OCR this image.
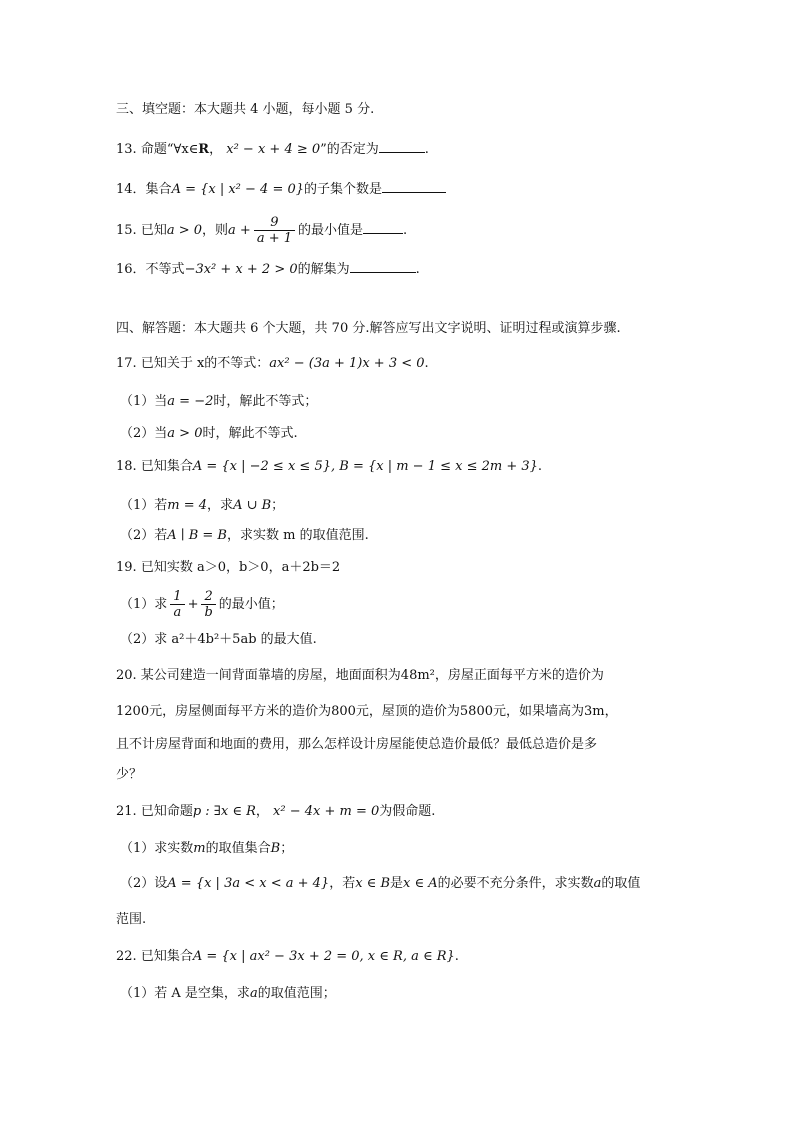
三、填空题：本大题共 4 小题，每小题 5 分.
13. 命题“∀x∈R， x² − x + 4 ≥ 0”的否定为	.
14．集合A = {x | x² − 4 = 0}的子集个数是
15. 已知a > 0，则$a + \frac{9}{a + 1}$ 的最小值是	.
16．不等式−3x² + x + 2 > 0的解集为	.
四、解答题：本大题共 6 个大题，共 70 分.解答应写出文字说明、证明过程或演算步骤.
17. 已知关于 x的不等式：ax² − (3a + 1)x + 3 < 0.
（1）当a = −2时，解此不等式；
（2）当a > 0时，解此不等式.
18. 已知集合A = {x | −2 ≤ x ≤ 5}, B = {x | m − 1 ≤ x ≤ 2m + 3}.
（1）若m = 4，求A ∪ B；
（2）若A ∣ B = B，求实数 m 的取值范围.
19. 已知实数 a＞0，b＞0，a＋2b＝2
（1）求 $\frac{1}{a} + \frac{2}{b}$ 的最小值；
（2）求 a²＋4b²＋5ab 的最大值.
20. 某公司建造一间背面靠墙的房屋，地面面积为48m²，房屋正面每平方米的造价为
1200元，房屋侧面每平方米的造价为800元，屋顶的造价为5800元，如果墙高为3m，
且不计房屋背面和地面的费用，那么怎样设计房屋能使总造价最低？最低总造价是多
少？
21. 已知命题p : ∃x ∈ R， x² − 4x + m = 0为假命题.
（1）求实数m的取值集合B；
（2）设A = {x | 3a < x < a + 4}，若x ∈ B是x ∈ A的必要不充分条件，求实数a的取值
范围.
22. 已知集合A = {x | ax² − 3x + 2 = 0, x ∈ R, a ∈ R}.
（1）若 A 是空集，求a的取值范围；
